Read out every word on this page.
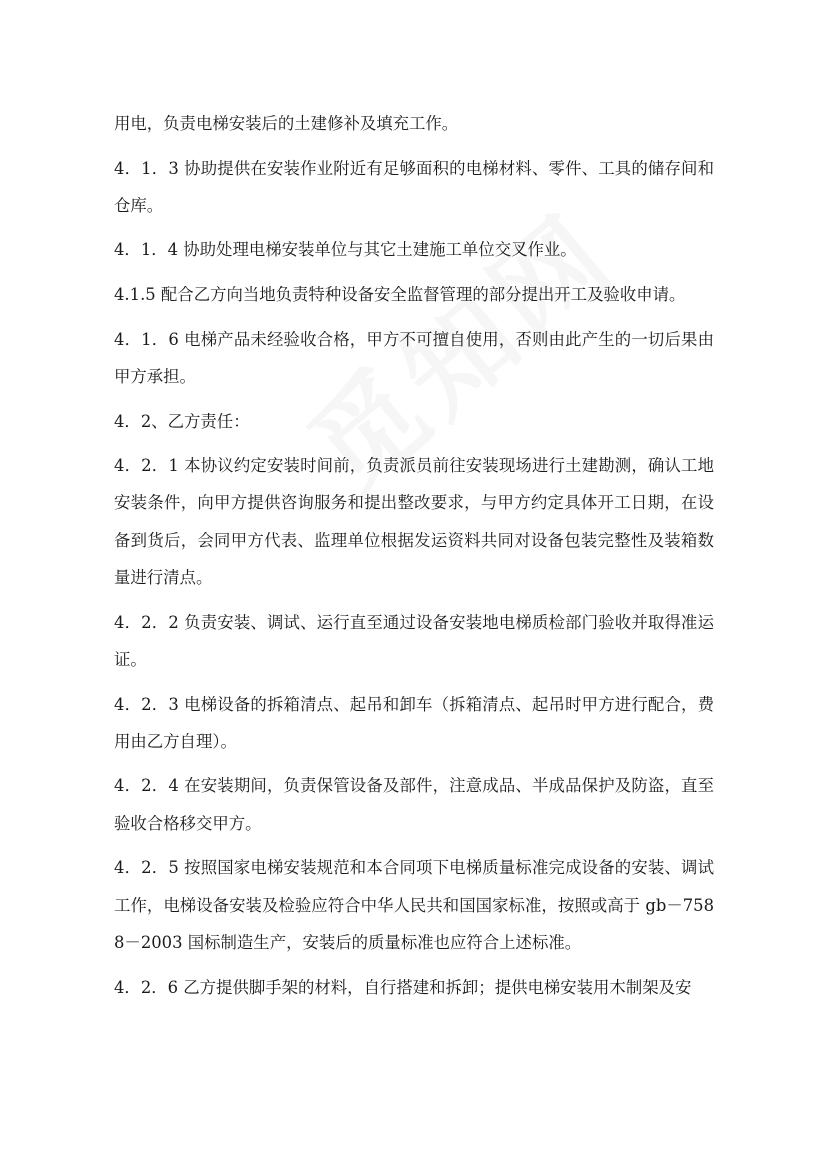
用电，负责电梯安装后的土建修补及填充工作。

4．1．3 协助提供在安装作业附近有足够面积的电梯材料、零件、工具的储存间和仓库。

4．1．4 协助处理电梯安装单位与其它土建施工单位交叉作业。

4.1.5 配合乙方向当地负责特种设备安全监督管理的部分提出开工及验收申请。

4．1．6 电梯产品未经验收合格，甲方不可擅自使用，否则由此产生的一切后果由甲方承担。

4．2、乙方责任：

4．2．1 本协议约定安装时间前，负责派员前往安装现场进行土建勘测，确认工地安装条件，向甲方提供咨询服务和提出整改要求，与甲方约定具体开工日期，在设备到货后，会同甲方代表、监理单位根据发运资料共同对设备包装完整性及装箱数量进行清点。

4．2．2 负责安装、调试、运行直至通过设备安装地电梯质检部门验收并取得准运证。

4．2．3 电梯设备的拆箱清点、起吊和卸车（拆箱清点、起吊时甲方进行配合，费用由乙方自理）。

4．2．4 在安装期间，负责保管设备及部件，注意成品、半成品保护及防盗，直至验收合格移交甲方。

4．2．5 按照国家电梯安装规范和本合同项下电梯质量标准完成设备的安装、调试工作，电梯设备安装及检验应符合中华人民共和国国家标准，按照或高于 gb－7588－2003 国标制造生产，安装后的质量标准也应符合上述标准。

4．2．6 乙方提供脚手架的材料，自行搭建和拆卸；提供电梯安装用木制架及安
